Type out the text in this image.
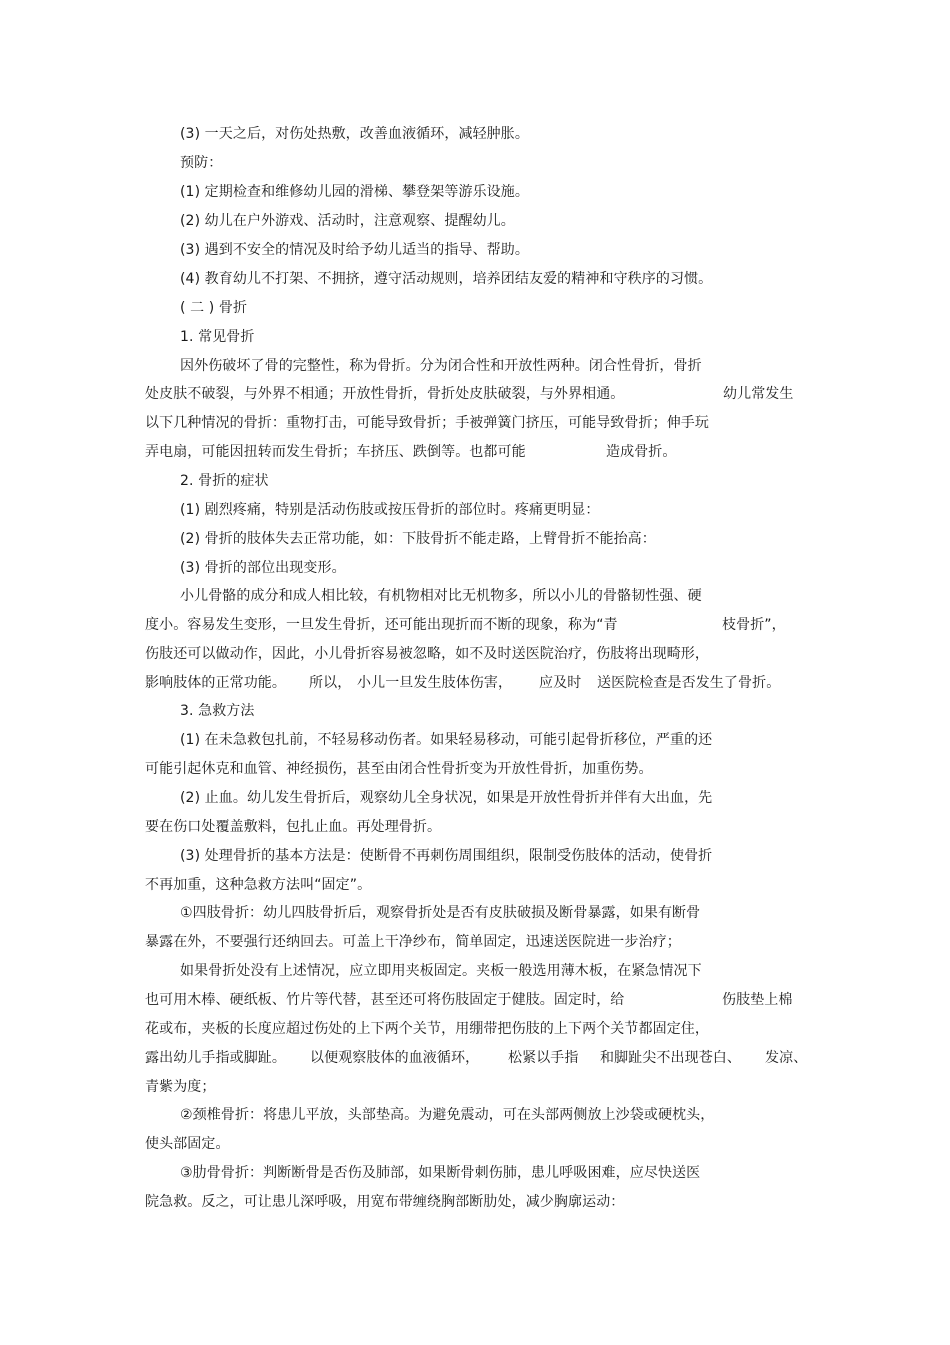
(3) 一天之后，对伤处热敷，改善血液循环，减轻肿胀。
预防：
(1) 定期检查和维修幼儿园的滑梯、攀登架等游乐设施。
(2) 幼儿在户外游戏、活动时，注意观察、提醒幼儿。
(3) 遇到不安全的情况及时给予幼儿适当的指导、帮助。
(4) 教育幼儿不打架、不拥挤，遵守活动规则，培养团结友爱的精神和守秩序的习惯。
( 二 ) 骨折
1. 常见骨折
因外伤破坏了骨的完整性，称为骨折。分为闭合性和开放性两种。闭合性骨折，骨折
处皮肤不破裂，与外界不相通；开放性骨折，骨折处皮肤破裂，与外界相通。	幼儿常发生
以下几种情况的骨折：重物打击，可能导致骨折；手被弹簧门挤压，可能导致骨折；伸手玩
弄电扇，可能因扭转而发生骨折；车挤压、跌倒等。也都可能	造成骨折。
2. 骨折的症状
(1) 剧烈疼痛，特别是活动伤肢或按压骨折的部位时。疼痛更明显：
(2) 骨折的肢体失去正常功能，如：下肢骨折不能走路，上臂骨折不能抬高：
(3) 骨折的部位出现变形。
小儿骨骼的成分和成人相比较，有机物相对比无机物多，所以小儿的骨骼韧性强、硬
度小。容易发生变形，一旦发生骨折，还可能出现折而不断的现象，称为“青	枝骨折”，
伤肢还可以做动作，因此，小儿骨折容易被忽略，如不及时送医院治疗，伤肢将出现畸形，
影响肢体的正常功能。 所以， 小儿一旦发生肢体伤害， 应及时 送医院检查是否发生了骨折。
3. 急救方法
(1) 在未急救包扎前，不轻易移动伤者。如果轻易移动，可能引起骨折移位，严重的还
可能引起休克和血管、神经损伤，甚至由闭合性骨折变为开放性骨折，加重伤势。
(2) 止血。幼儿发生骨折后，观察幼儿全身状况，如果是开放性骨折并伴有大出血，先
要在伤口处覆盖敷料，包扎止血。再处理骨折。
(3) 处理骨折的基本方法是：使断骨不再刺伤周围组织，限制受伤肢体的活动，使骨折
不再加重，这种急救方法叫“固定”。
①四肢骨折：幼儿四肢骨折后，观察骨折处是否有皮肤破损及断骨暴露，如果有断骨
暴露在外，不要强行还纳回去。可盖上干净纱布，简单固定，迅速送医院进一步治疗；
如果骨折处没有上述情况，应立即用夹板固定。夹板一般选用薄木板，在紧急情况下
也可用木棒、硬纸板、竹片等代替，甚至还可将伤肢固定于健肢。固定时，给	伤肢垫上棉
花或布，夹板的长度应超过伤处的上下两个关节，用绷带把伤肢的上下两个关节都固定住，
露出幼儿手指或脚趾。 以便观察肢体的血液循环， 松紧以手指 和脚趾尖不出现苍白、 发凉、
青紫为度；
②颈椎骨折：将患儿平放，头部垫高。为避免震动，可在头部两侧放上沙袋或硬枕头，
使头部固定。
③肋骨骨折：判断断骨是否伤及肺部，如果断骨刺伤肺，患儿呼吸困难，应尽快送医
院急救。反之，可让患儿深呼吸，用宽布带缠绕胸部断肋处，减少胸廓运动：
